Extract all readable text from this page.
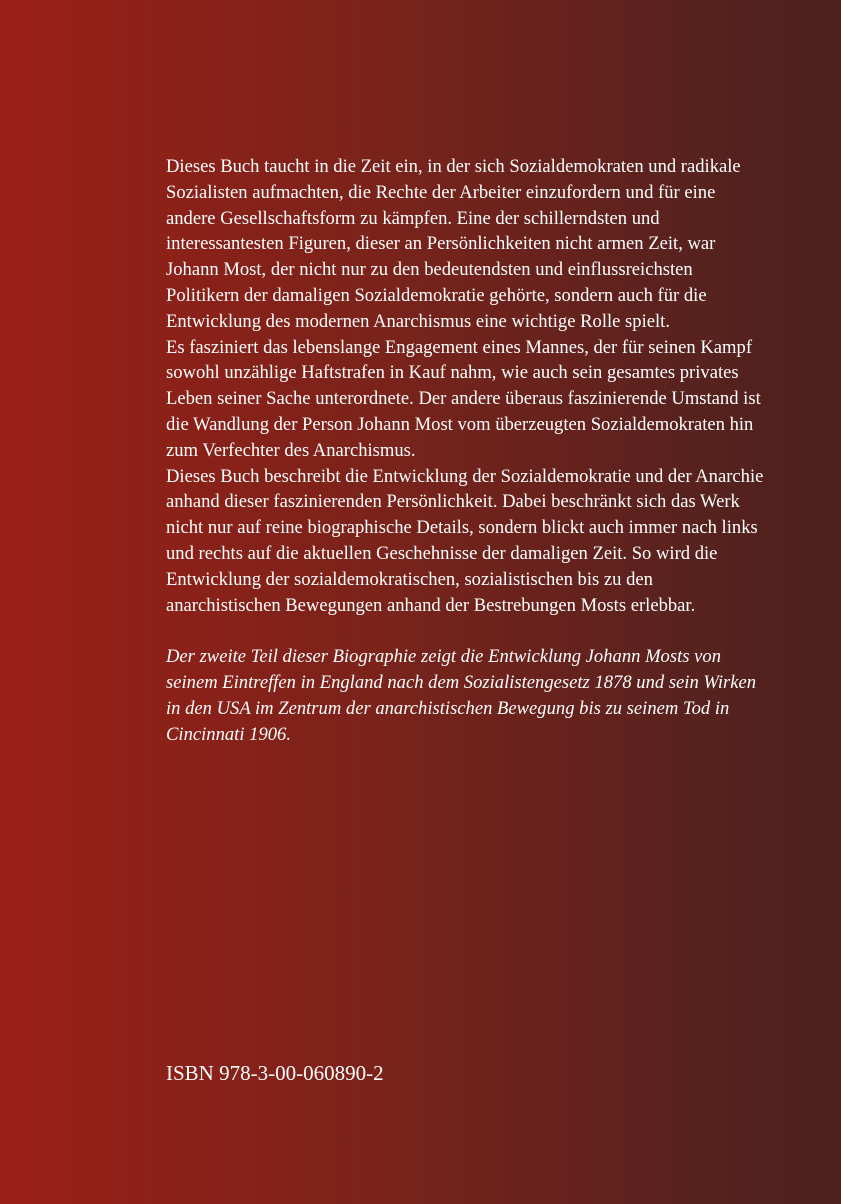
Dieses Buch taucht in die Zeit ein, in der sich Sozialdemokraten und radikale Sozialisten aufmachten, die Rechte der Arbeiter einzufordern und für eine andere Gesellschaftsform zu kämpfen. Eine der schillerndsten und interessantesten Figuren, dieser an Persönlichkeiten nicht armen Zeit, war Johann Most, der nicht nur zu den bedeutendsten und einflussreichsten Politikern der damaligen Sozialdemokratie gehörte, sondern auch für die Entwicklung des modernen Anarchismus eine wichtige Rolle spielt.

Es fasziniert das lebenslange Engagement eines Mannes, der für seinen Kampf sowohl unzählige Haftstrafen in Kauf nahm, wie auch sein gesamtes privates Leben seiner Sache unterordnete. Der andere überaus faszinierende Umstand ist die Wandlung der Person Johann Most vom überzeugten Sozialdemokraten hin zum Verfechter des Anarchismus.

Dieses Buch beschreibt die Entwicklung der Sozialdemokratie und der Anarchie anhand dieser faszinierenden Persönlichkeit. Dabei beschränkt sich das Werk nicht nur auf reine biographische Details, sondern blickt auch immer nach links und rechts auf die aktuellen Geschehnisse der damaligen Zeit. So wird die Entwicklung der sozialdemokratischen, sozialistischen bis zu den anarchistischen Bewegungen anhand der Bestrebungen Mosts erlebbar.

Der zweite Teil dieser Biographie zeigt die Entwicklung Johann Mosts von seinem Eintreffen in England nach dem Sozialistengesetz 1878 und sein Wirken in den USA im Zentrum der anarchistischen Bewegung bis zu seinem Tod in Cincinnati 1906.

ISBN 978-3-00-060890-2
